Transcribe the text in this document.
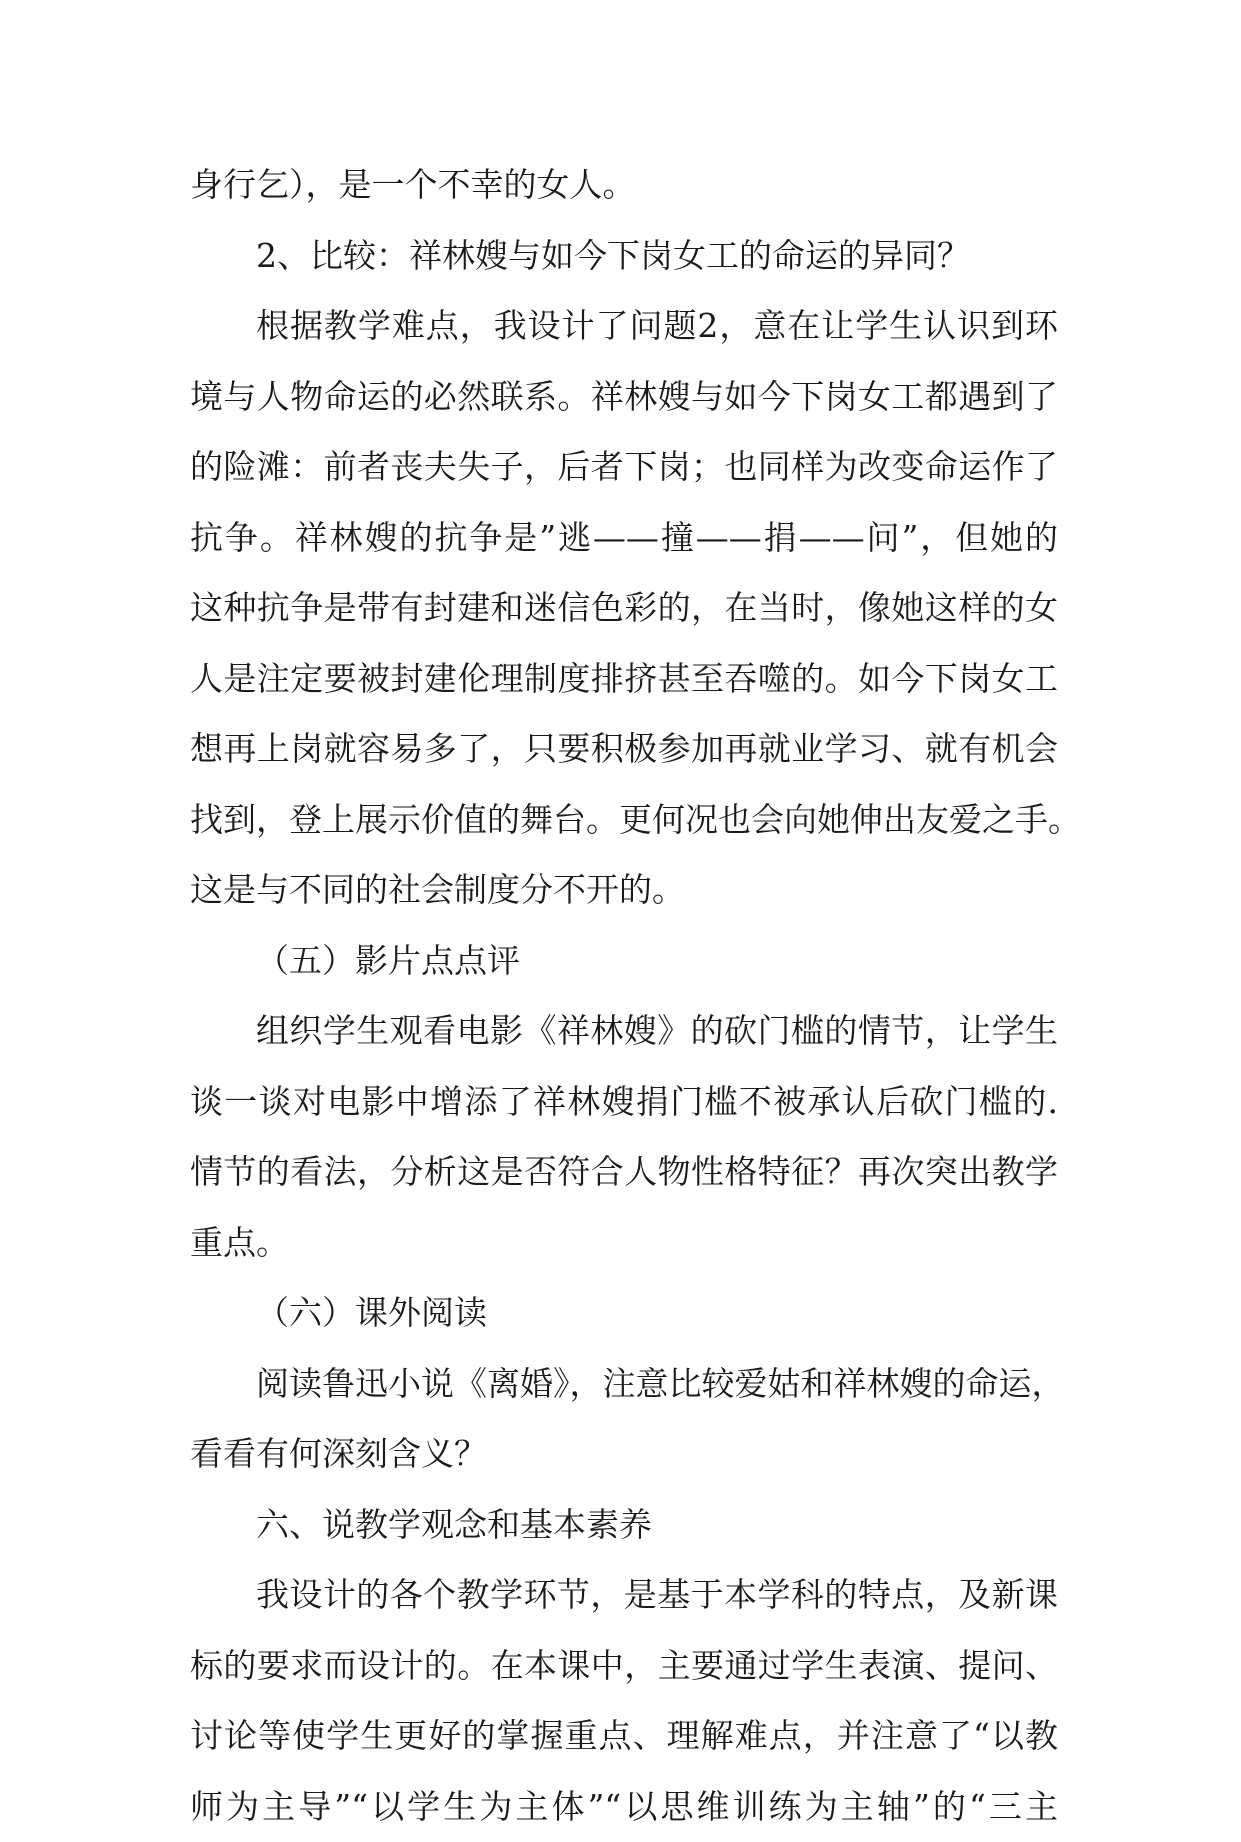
身行乞），是一个不幸的女人。
2、比较：祥林嫂与如今下岗女工的命运的异同？
根据教学难点，我设计了问题2，意在让学生认识到环
境与人物命运的必然联系。祥林嫂与如今下岗女工都遇到了
的险滩：前者丧夫失子，后者下岗；也同样为改变命运作了
抗争。祥林嫂的抗争是”逃——撞——捐——问”，但她的
这种抗争是带有封建和迷信色彩的，在当时，像她这样的女
人是注定要被封建伦理制度排挤甚至吞噬的。如今下岗女工
想再上岗就容易多了，只要积极参加再就业学习、就有机会
找到，登上展示价值的舞台。更何况也会向她伸出友爱之手。
这是与不同的社会制度分不开的。
（五）影片点点评
组织学生观看电影《祥林嫂》的砍门槛的情节，让学生
谈一谈对电影中增添了祥林嫂捐门槛不被承认后砍门槛的.
情节的看法，分析这是否符合人物性格特征？再次突出教学
重点。
（六）课外阅读
阅读鲁迅小说《离婚》，注意比较爱姑和祥林嫂的命运，
看看有何深刻含义？
六、说教学观念和基本素养
我设计的各个教学环节，是基于本学科的特点，及新课
标的要求而设计的。在本课中，主要通过学生表演、提问、
讨论等使学生更好的掌握重点、理解难点，并注意了“以教
师为主导”“以学生为主体”“以思维训练为主轴”的“三主
